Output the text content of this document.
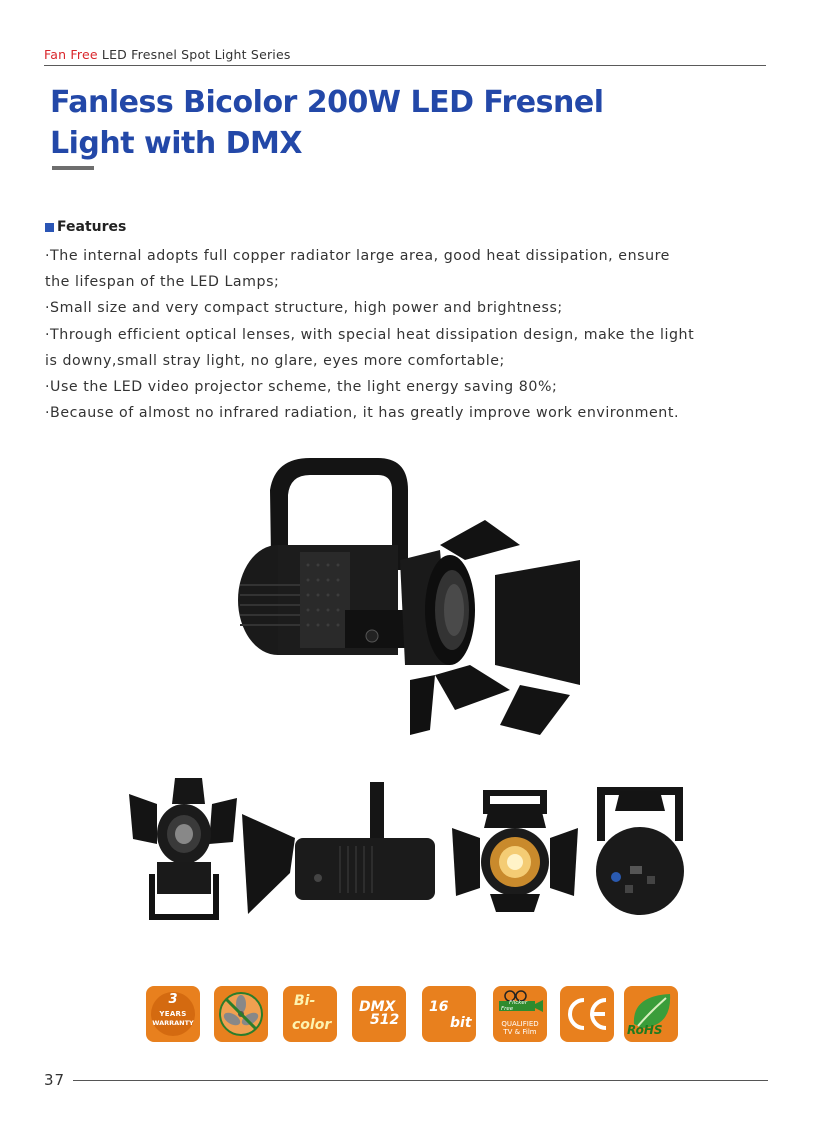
Fan Free LED Fresnel Spot Light Series
Fanless Bicolor 200W LED Fresnel
Light with DMX
Features

·The internal adopts full copper radiator large area, good heat dissipation, ensure

the lifespan of the LED Lamps;

·Small size and very compact structure, high power and brightness;

·Through efficient optical lenses, with special heat dissipation design, make the light

is downy,small stray light, no glare, eyes more comfortable;

·Use the LED video projector scheme, the light energy saving 80%;

·Because of almost no infrared radiation, it has greatly improve work environment.

3
YEARS
WARRANTY
Bi-
color
DMX
512
16
bit
Flicker
Free
QUALIFIED
TV & Film	RoHS
37
